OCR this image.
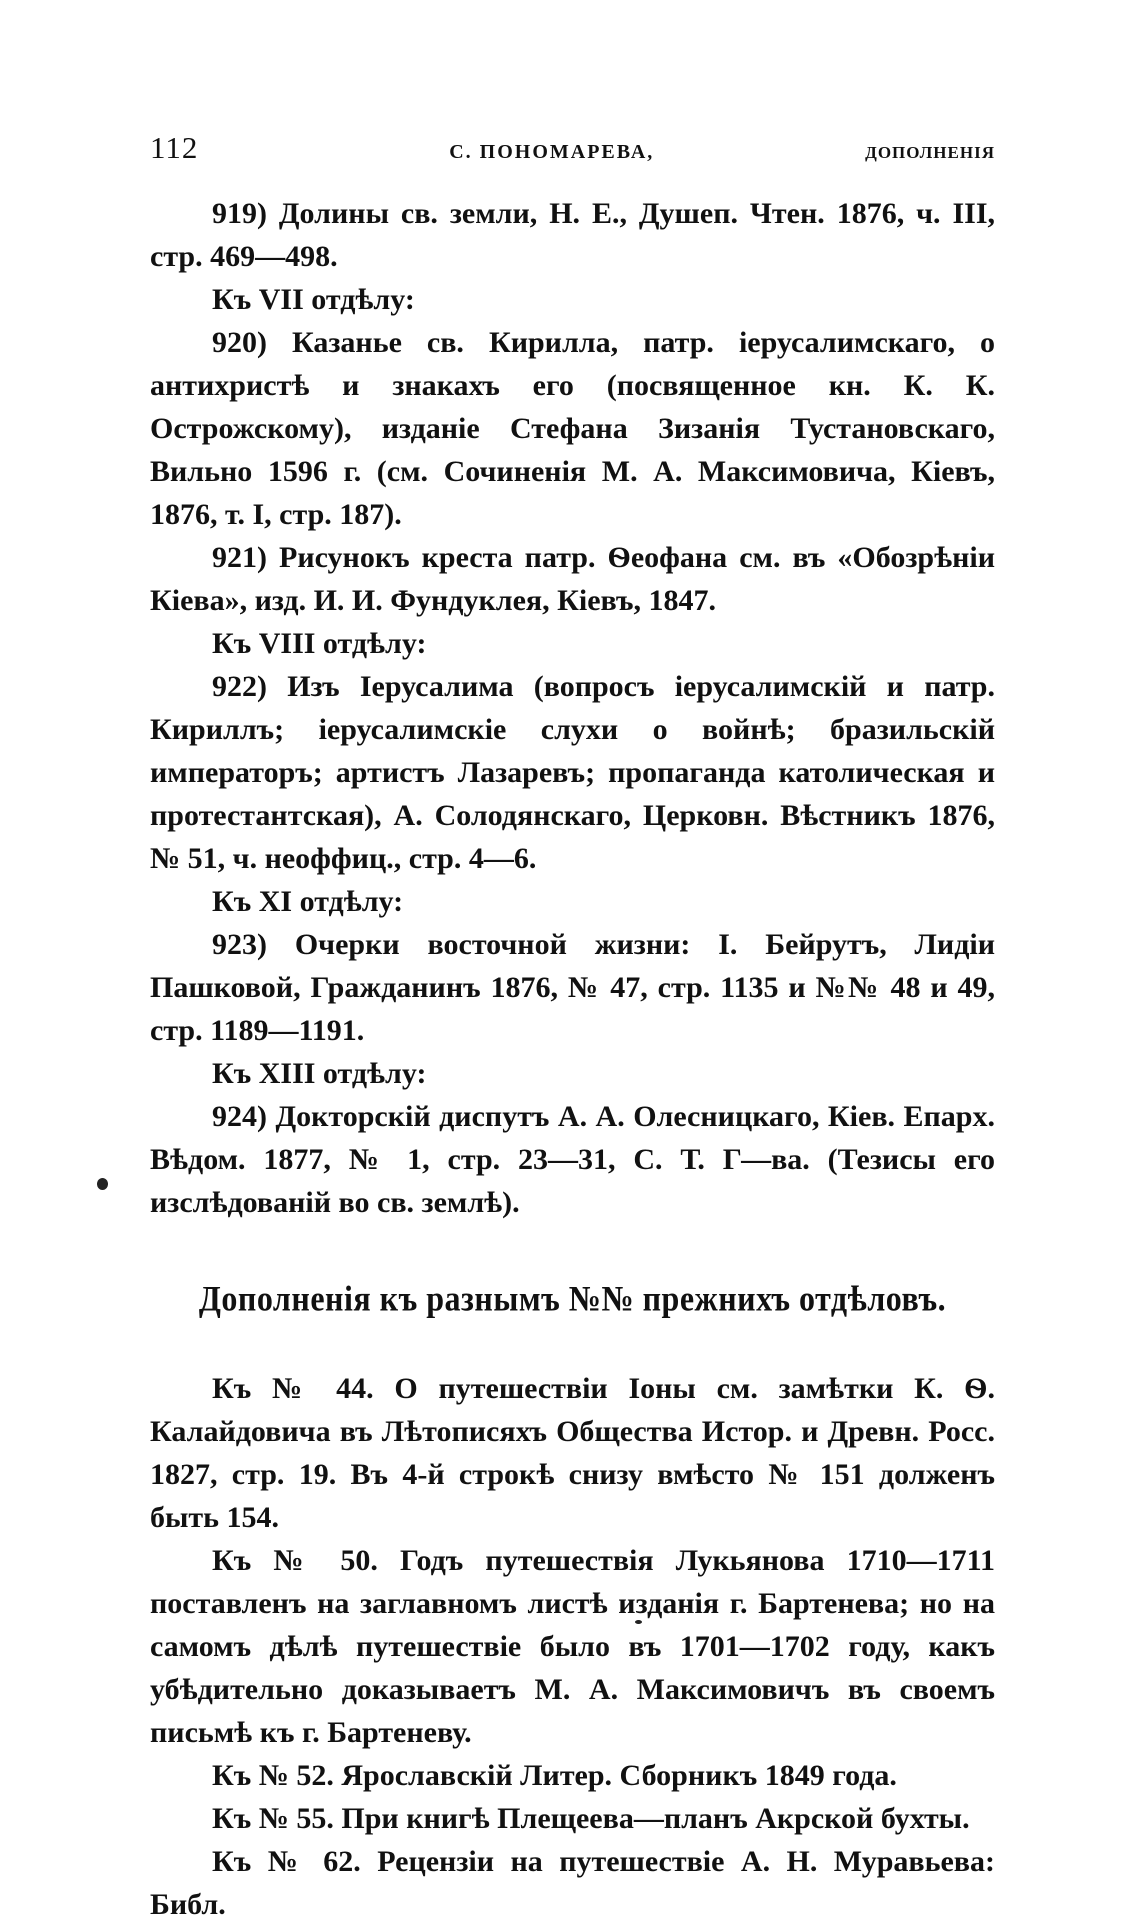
112	С. ПОНОМАРЕВА,	ДОПОЛНЕНІЯ

919) Долины св. земли, Н. Е., Душеп. Чтен. 1876, ч. III, стр. 469—498.

Къ VII отдѣлу:

920) Казанье св. Кирилла, патр. іерусалимскаго, о антихристѣ и знакахъ его (посвященное кн. К. К. Острожскому), изданіе Стефана Зизанія Тустановскаго, Вильно 1596 г. (см. Сочиненія М. А. Максимовича, Кіевъ, 1876, т. I, стр. 187).

921) Рисунокъ креста патр. Ѳеофана см. въ «Обозрѣніи Кіева», изд. И. И. Фундуклея, Кіевъ, 1847.

Къ VIII отдѣлу:

922) Изъ Іерусалима (вопросъ іерусалимскій и патр. Кириллъ; іерусалимскіе слухи о войнѣ; бразильскій императоръ; артистъ Лазаревъ; пропаганда католическая и протестантская), А. Солодянскаго, Церковн. Вѣстникъ 1876, № 51, ч. неоффиц., стр. 4—6.

Къ XI отдѣлу:

923) Очерки восточной жизни: I. Бейрутъ, Лидіи Пашковой, Гражданинъ 1876, № 47, стр. 1135 и №№ 48 и 49, стр. 1189—1191.

Къ XIII отдѣлу:

924) Докторскій диспутъ А. А. Олесницкаго, Кіев. Епарх. Вѣдом. 1877, № 1, стр. 23—31, С. Т. Г—ва. (Тезисы его изслѣдованій во св. землѣ).

Дополненія къ разнымъ №№ прежнихъ отдѣловъ.

Къ № 44. О путешествіи Іоны см. замѣтки К. Ѳ. Калайдовича въ Лѣтописяхъ Общества Истор. и Древн. Росс. 1827, стр. 19. Въ 4-й строкѣ снизу вмѣсто № 151 долженъ быть 154.

Къ № 50. Годъ путешествія Лукьянова 1710—1711 поставленъ на заглавномъ листѣ изданія г. Бартенева; но на самомъ дѣлѣ путешествіе было въ 1701—1702 году, какъ убѣдительно доказываетъ М. А. Максимовичъ въ своемъ письмѣ къ г. Бартеневу.

Къ № 52. Ярославскій Литер. Сборникъ 1849 года.

Къ № 55. При книгѣ Плещеева—планъ Акрской бухты.

Къ № 62. Рецензіи на путешествіе А. Н. Муравьева: Библ.
